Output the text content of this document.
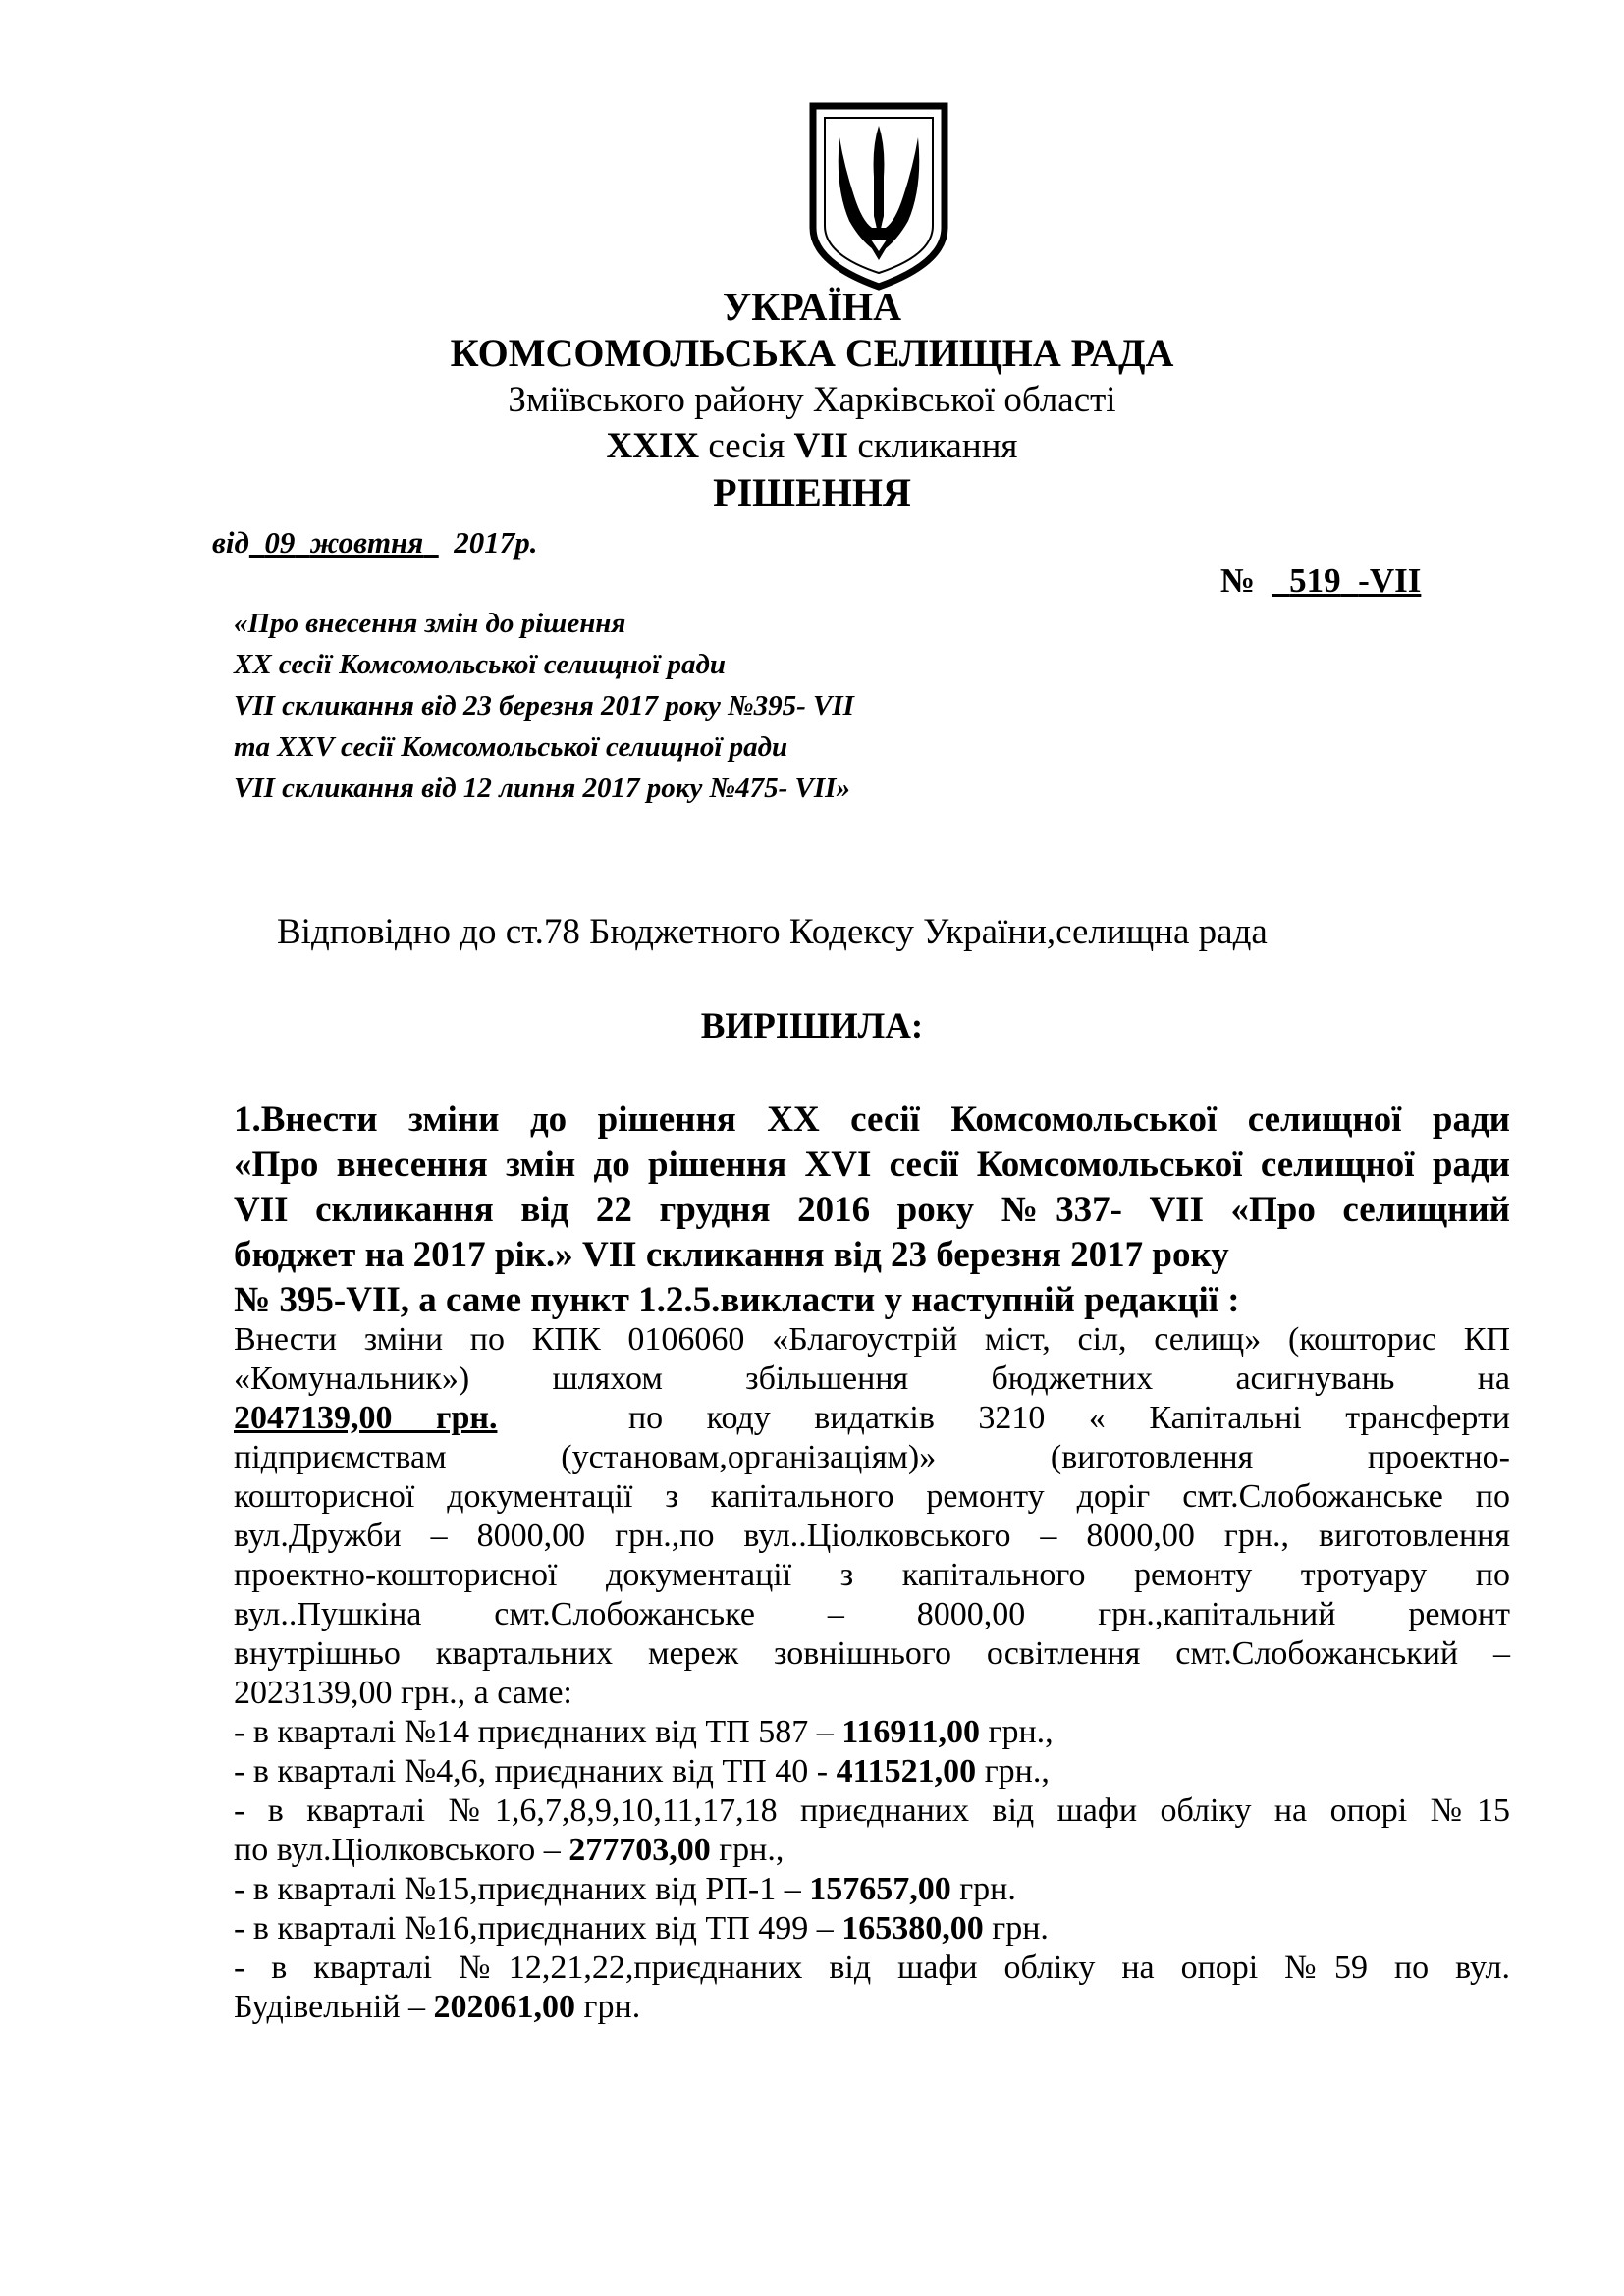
УКРАЇНА
КОМСОМОЛЬСЬКА СЕЛИЩНА РАДА
Зміївського району Харківської області
XXIX сесія VII скликання
РІШЕННЯ
від 09 жовтня 2017р.
№ 519 -VII
«Про внесення змін до рішення
XX сесії Комсомольської селищної ради
VII скликання від 23 березня 2017 року №395- VII
та XXV сесії Комсомольської селищної ради
VII скликання від 12 липня 2017 року №475- VII»
Відповідно до ст.78 Бюджетного Кодексу України,селищна рада
ВИРІШИЛА:
1.Внести зміни до рішення XX сесії Комсомольської селищної ради
«Про внесення змін до рішення XVI сесії Комсомольської селищної ради
VII скликання від 22 грудня 2016 року №337- VII «Про селищний
бюджет на 2017 рік.» VII скликання від 23 березня 2017 року
№ 395-VII, а саме пункт 1.2.5.викласти у наступній редакції :
Внести зміни по КПК 0106060 «Благоустрій міст, сіл, селищ» (кошторис КП
«Комунальник») шляхом збільшення бюджетних асигнувань на
2047139,00 грн.	по коду видатків 3210 « Капітальні трансферти
підприємствам (установам,організаціям)» (виготовлення проектно-
кошторисної документації з капітального ремонту доріг смт.Слобожанське по
вул.Дружби – 8000,00 грн.,по вул..Ціолковського – 8000,00 грн., виготовлення
проектно-кошторисної документації з капітального ремонту тротуару по
вул..Пушкіна смт.Слобожанське – 8000,00 грн.,капітальний ремонт
внутрішньо квартальних мереж зовнішнього освітлення смт.Слобожанський –
2023139,00 грн., а саме:
- в кварталі №14 приєднаних від ТП 587 – 116911,00 грн.,
- в кварталі №4,6, приєднаних від ТП 40 - 411521,00 грн.,
- в кварталі №1,6,7,8,9,10,11,17,18 приєднаних від шафи обліку на опорі №15
по вул.Ціолковського – 277703,00 грн.,
- в кварталі №15,приєднаних від РП-1 – 157657,00 грн.
- в кварталі №16,приєднаних від ТП 499 – 165380,00 грн.
- в кварталі №12,21,22,приєднаних від шафи обліку на опорі №59 по вул.
Будівельній – 202061,00 грн.
